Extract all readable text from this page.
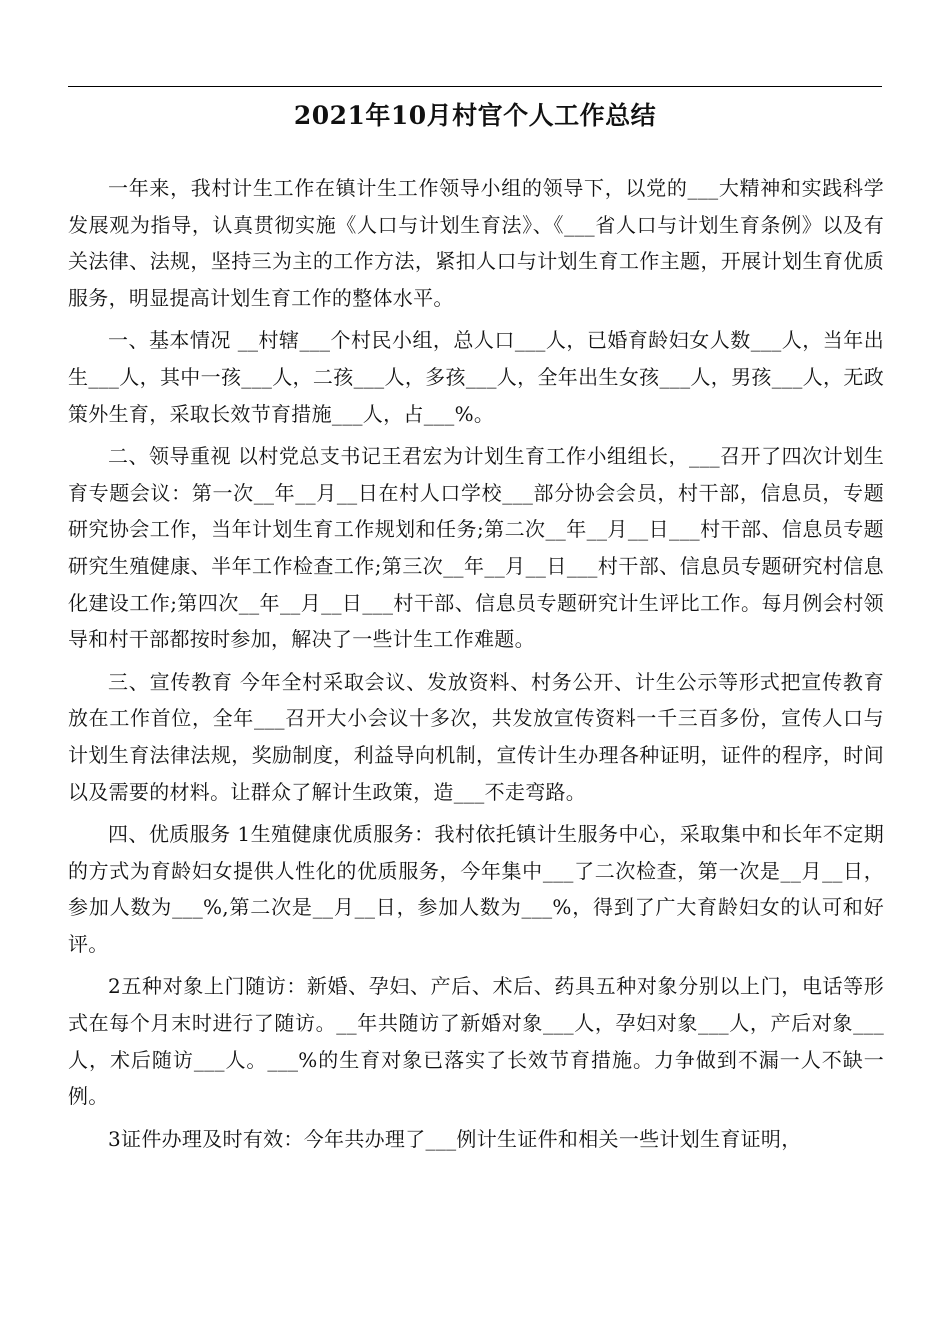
2021年10月村官个人工作总结

一年来，我村计生工作在镇计生工作领导小组的领导下，以党的___大精神和实践科学发展观为指导，认真贯彻实施《人口与计划生育法》、《___省人口与计划生育条例》以及有关法律、法规，坚持三为主的工作方法，紧扣人口与计划生育工作主题，开展计划生育优质服务，明显提高计划生育工作的整体水平。

一、基本情况 __村辖___个村民小组，总人口___人，已婚育龄妇女人数___人，当年出生___人，其中一孩___人，二孩___人，多孩___人，全年出生女孩___人，男孩___人，无政策外生育，采取长效节育措施___人，占___%。

二、领导重视 以村党总支书记王君宏为计划生育工作小组组长，___召开了四次计划生育专题会议：第一次__年__月__日在村人口学校___部分协会会员，村干部，信息员，专题研究协会工作，当年计划生育工作规划和任务;第二次__年__月__日___村干部、信息员专题研究生殖健康、半年工作检查工作;第三次__年__月__日___村干部、信息员专题研究村信息化建设工作;第四次__年__月__日___村干部、信息员专题研究计生评比工作。每月例会村领导和村干部都按时参加，解决了一些计生工作难题。

三、宣传教育 今年全村采取会议、发放资料、村务公开、计生公示等形式把宣传教育放在工作首位，全年___召开大小会议十多次，共发放宣传资料一千三百多份，宣传人口与计划生育法律法规，奖励制度，利益导向机制，宣传计生办理各种证明，证件的程序，时间以及需要的材料。让群众了解计生政策，造___不走弯路。

四、优质服务 1生殖健康优质服务：我村依托镇计生服务中心，采取集中和长年不定期的方式为育龄妇女提供人性化的优质服务，今年集中___了二次检查，第一次是__月__日，参加人数为___%,第二次是__月__日，参加人数为___%，得到了广大育龄妇女的认可和好评。

2五种对象上门随访：新婚、孕妇、产后、术后、药具五种对象分别以上门，电话等形式在每个月末时进行了随访。__年共随访了新婚对象___人，孕妇对象___人，产后对象___人，术后随访___人。___%的生育对象已落实了长效节育措施。力争做到不漏一人不缺一例。

3证件办理及时有效：今年共办理了___例计生证件和相关一些计划生育证明，
